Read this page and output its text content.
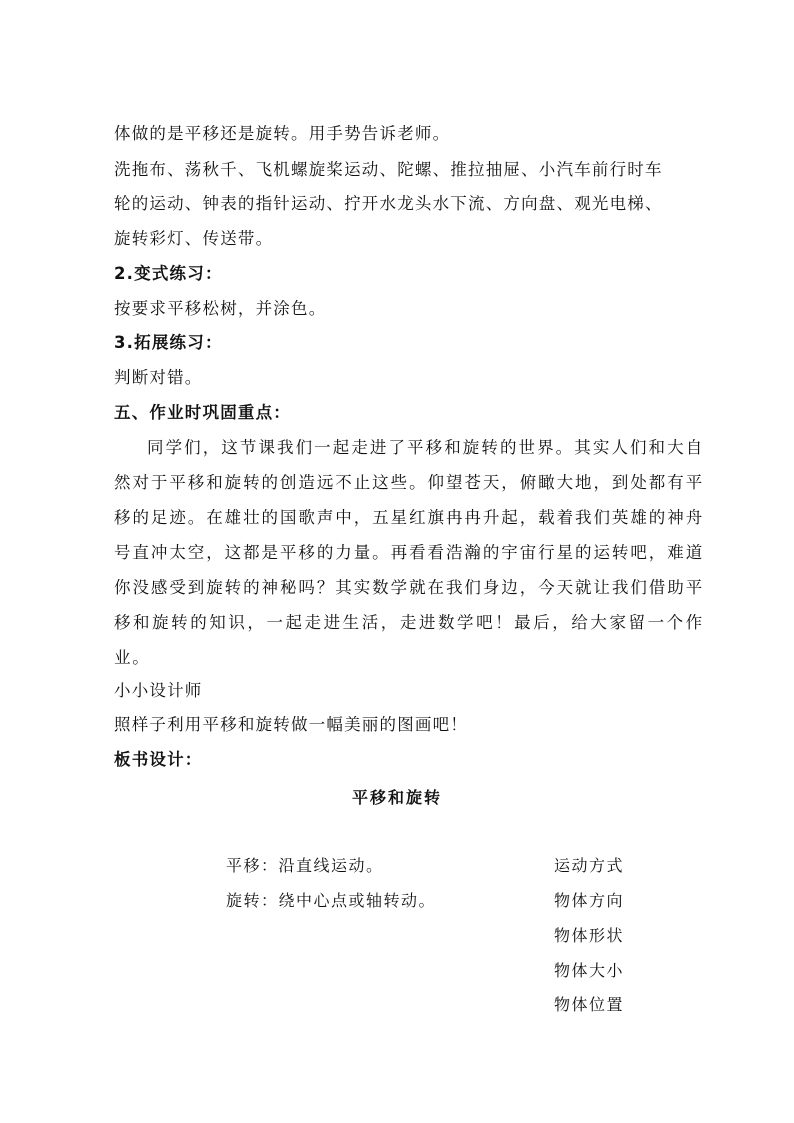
体做的是平移还是旋转。用手势告诉老师。
洗拖布、荡秋千、飞机螺旋桨运动、陀螺、推拉抽屉、小汽车前行时车
轮的运动、钟表的指针运动、拧开水龙头水下流、方向盘、观光电梯、
旋转彩灯、传送带。
2.变式练习：
按要求平移松树，并涂色。
3.拓展练习：
判断对错。
五、作业时巩固重点：
同学们，这节课我们一起走进了平移和旋转的世界。其实人们和大自然对于平移和旋转的创造远不止这些。仰望苍天，俯瞰大地，到处都有平移的足迹。在雄壮的国歌声中，五星红旗冉冉升起，载着我们英雄的神舟号直冲太空，这都是平移的力量。再看看浩瀚的宇宙行星的运转吧，难道你没感受到旋转的神秘吗？其实数学就在我们身边，今天就让我们借助平移和旋转的知识，一起走进生活，走进数学吧！最后，给大家留一个作业。
小小设计师
照样子利用平移和旋转做一幅美丽的图画吧！
板书设计：
平移和旋转
平移：沿直线运动。
旋转：绕中心点或轴转动。
运动方式
物体方向
物体形状
物体大小
物体位置
